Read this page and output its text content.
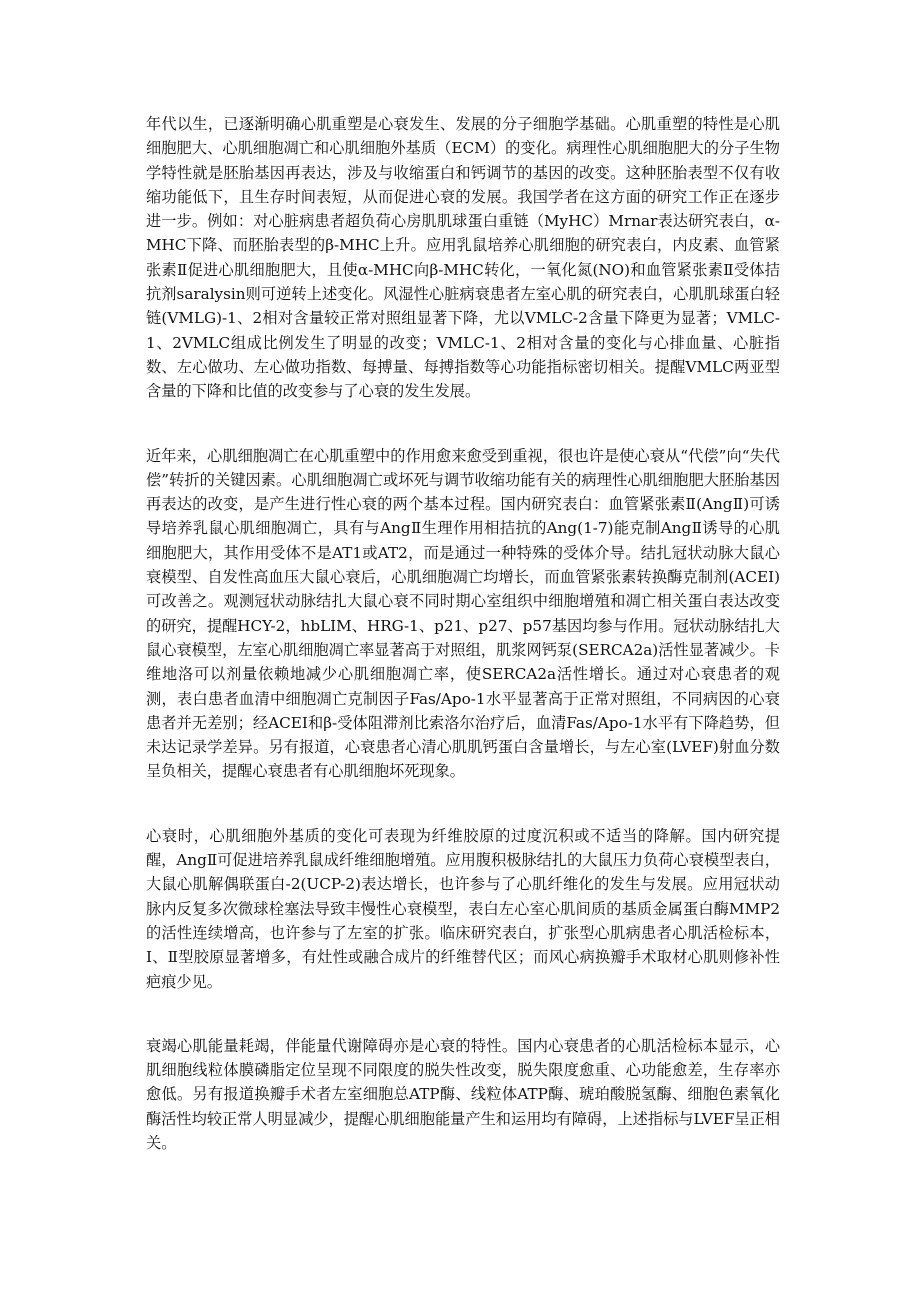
年代以生，已逐渐明确心肌重塑是心衰发生、发展的分子细胞学基础。心肌重塑的特性是心肌细胞肥大、心肌细胞凋亡和心肌细胞外基质（ECM）的变化。病理性心肌细胞肥大的分子生物学特性就是胚胎基因再表达，涉及与收缩蛋白和钙调节的基因的改变。这种胚胎表型不仅有收缩功能低下，且生存时间表短，从而促进心衰的发展。我国学者在这方面的研究工作正在逐步进一步。例如：对心脏病患者超负荷心房肌肌球蛋白重链（MyHC）Mrnar表达研究表白，α-MHC下降、而胚胎表型的β-MHC上升。应用乳鼠培养心肌细胞的研究表白，内皮素、血管紧张素Ⅱ促进心肌细胞肥大，且使α-MHC向β-MHC转化，一氧化氮(NO)和血管紧张素Ⅱ受体拮抗剂saralysin则可逆转上述变化。风湿性心脏病衰患者左室心肌的研究表白，心肌肌球蛋白轻链(VMLG)-1、2相对含量较正常对照组显著下降，尤以VMLC-2含量下降更为显著；VMLC-1、2VMLC组成比例发生了明显的改变；VMLC-1、2相对含量的变化与心排血量、心脏指数、左心做功、左心做功指数、每搏量、每搏指数等心功能指标密切相关。提醒VMLC两亚型含量的下降和比值的改变参与了心衰的发生发展。

近年来，心肌细胞凋亡在心肌重塑中的作用愈来愈受到重视，很也许是使心衰从“代偿”向“失代偿”转折的关键因素。心肌细胞凋亡或坏死与调节收缩功能有关的病理性心肌细胞肥大胚胎基因再表达的改变，是产生进行性心衰的两个基本过程。国内研究表白：血管紧张素Ⅱ(AngⅡ)可诱导培养乳鼠心肌细胞凋亡，具有与AngⅡ生理作用相拮抗的Ang(1-7)能克制AngⅡ诱导的心肌细胞肥大，其作用受体不是AT1或AT2，而是通过一种特殊的受体介导。结扎冠状动脉大鼠心衰模型、自发性高血压大鼠心衰后，心肌细胞凋亡均增长，而血管紧张素转换酶克制剂(ACEI)可改善之。观测冠状动脉结扎大鼠心衰不同时期心室组织中细胞增殖和凋亡相关蛋白表达改变的研究，提醒HCY-2，hbLIM、HRG-1、p21、p27、p57基因均参与作用。冠状动脉结扎大鼠心衰模型，左室心肌细胞凋亡率显著高于对照组，肌浆网钙泵(SERCA2a)活性显著减少。卡维地洛可以剂量依赖地减少心肌细胞凋亡率，使SERCA2a活性增长。通过对心衰患者的观测，表白患者血清中细胞凋亡克制因子Fas/Apo-1水平显著高于正常对照组，不同病因的心衰患者并无差别；经ACEI和β-受体阻滞剂比索洛尔治疗后，血清Fas/Apo-1水平有下降趋势，但未达记录学差异。另有报道，心衰患者心清心肌肌钙蛋白含量增长，与左心室(LVEF)射血分数呈负相关，提醒心衰患者有心肌细胞坏死现象。

心衰时，心肌细胞外基质的变化可表现为纤维胶原的过度沉积或不适当的降解。国内研究提醒，AngⅡ可促进培养乳鼠成纤维细胞增殖。应用腹积极脉结扎的大鼠压力负荷心衰模型表白，大鼠心肌解偶联蛋白-2(UCP-2)表达增长，也许参与了心肌纤维化的发生与发展。应用冠状动脉内反复多次微球栓塞法导致丰慢性心衰模型，表白左心室心肌间质的基质金属蛋白酶MMP2的活性连续增高，也许参与了左室的扩张。临床研究表白，扩张型心肌病患者心肌活检标本，Ⅰ、Ⅱ型胶原显著增多，有灶性或融合成片的纤维替代区；而风心病换瓣手术取材心肌则修补性疤痕少见。

衰竭心肌能量耗竭，伴能量代谢障碍亦是心衰的特性。国内心衰患者的心肌活检标本显示，心肌细胞线粒体膜磷脂定位呈现不同限度的脱失性改变，脱失限度愈重、心功能愈差，生存率亦愈低。另有报道换瓣手术者左室细胞总ATP酶、线粒体ATP酶、琥珀酸脱氢酶、细胞色素氧化酶活性均较正常人明显减少，提醒心肌细胞能量产生和运用均有障碍，上述指标与LVEF呈正相关。
